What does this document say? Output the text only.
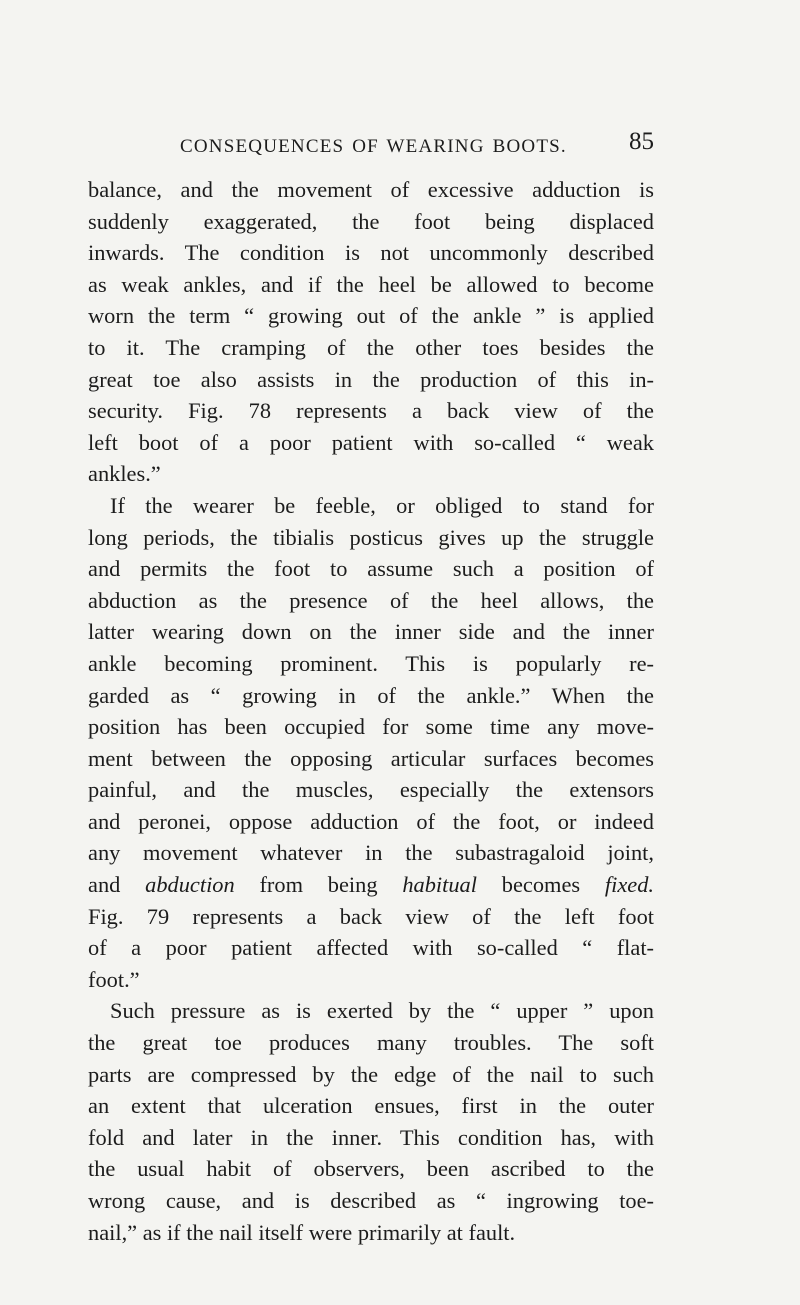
CONSEQUENCES OF WEARING BOOTS. 85
balance, and the movement of excessive adduction is
suddenly exaggerated, the foot being displaced
inwards. The condition is not uncommonly described
as weak ankles, and if the heel be allowed to become
worn the term “ growing out of the ankle ” is applied
to it. The cramping of the other toes besides the
great toe also assists in the production of this in-
security. Fig. 78 represents a back view of the
left boot of a poor patient with so-called “ weak
ankles.”
If the wearer be feeble, or obliged to stand for
long periods, the tibialis posticus gives up the struggle
and permits the foot to assume such a position of
abduction as the presence of the heel allows, the
latter wearing down on the inner side and the inner
ankle becoming prominent. This is popularly re-
garded as “ growing in of the ankle.” When the
position has been occupied for some time any move-
ment between the opposing articular surfaces becomes
painful, and the muscles, especially the extensors
and peronei, oppose adduction of the foot, or indeed
any movement whatever in the subastragaloid joint,
and abduction from being habitual becomes fixed.
Fig. 79 represents a back view of the left foot
of a poor patient affected with so-called “ flat-
foot.”
Such pressure as is exerted by the “ upper ” upon
the great toe produces many troubles. The soft
parts are compressed by the edge of the nail to such
an extent that ulceration ensues, first in the outer
fold and later in the inner. This condition has, with
the usual habit of observers, been ascribed to the
wrong cause, and is described as “ ingrowing toe-
nail,” as if the nail itself were primarily at fault.
